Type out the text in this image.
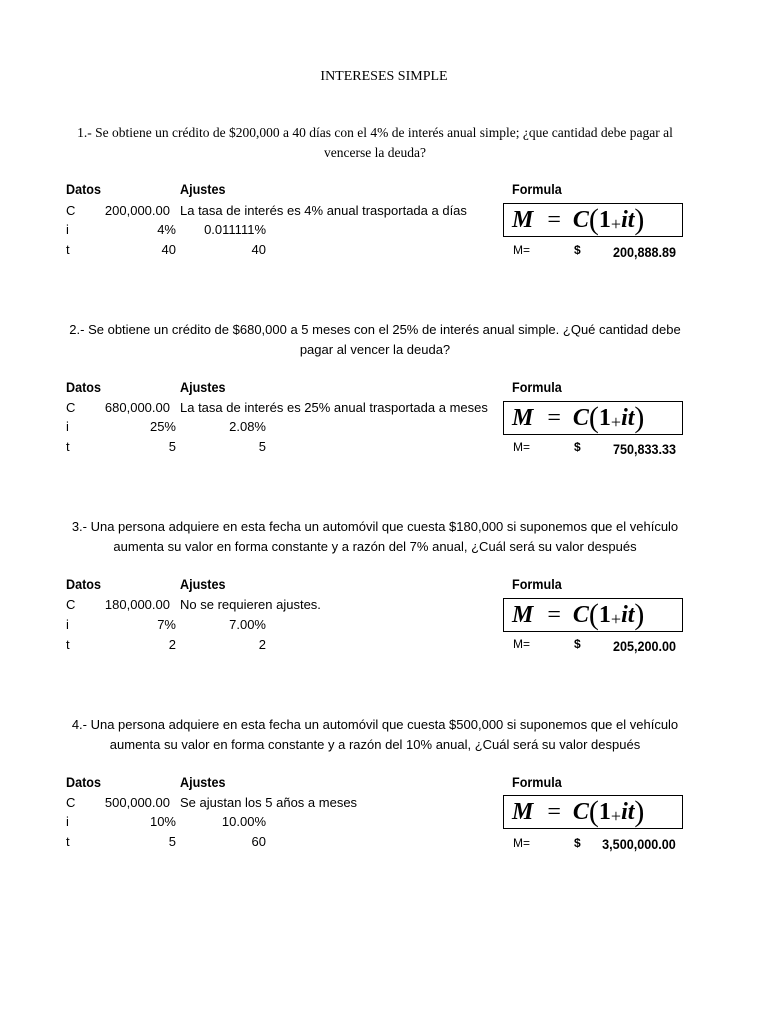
INTERESES SIMPLE
1.- Se obtiene un crédito de $200,000 a 40 días con el 4% de interés anual simple; ¿que cantidad debe pagar al vencerse la deuda?
Datos	Ajustes	Formula
C	200,000.00 La tasa de interés es 4% anual trasportada a días
i	4%	0.011111%
t	40	40
M = C(1+it)
M=	$ 200,888.89
2.- Se obtiene un crédito de $680,000 a 5 meses con el 25% de interés anual simple. ¿Qué cantidad debe pagar al vencer la deuda?
Datos	Ajustes	Formula
C	680,000.00 La tasa de interés es 25% anual trasportada a meses
i	25%	2.08%
t	5	5
M = C(1+it)
M=	$ 750,833.33
3.- Una persona adquiere en esta fecha un automóvil que cuesta $180,000 si suponemos que el vehículo aumenta su valor en forma constante y a razón del 7% anual, ¿Cuál será su valor después
Datos	Ajustes	Formula
C	180,000.00 No se requieren ajustes.
i	7%	7.00%
t	2	2
M = C(1+it)
M=	$ 205,200.00
4.- Una persona adquiere en esta fecha un automóvil que cuesta $500,000 si suponemos que el vehículo aumenta su valor en forma constante y a razón del 10% anual, ¿Cuál será su valor después
Datos	Ajustes	Formula
C	500,000.00 Se ajustan los 5 años a meses
i	10%	10.00%
t	5	60
M = C(1+it)
M=	$ 3,500,000.00
